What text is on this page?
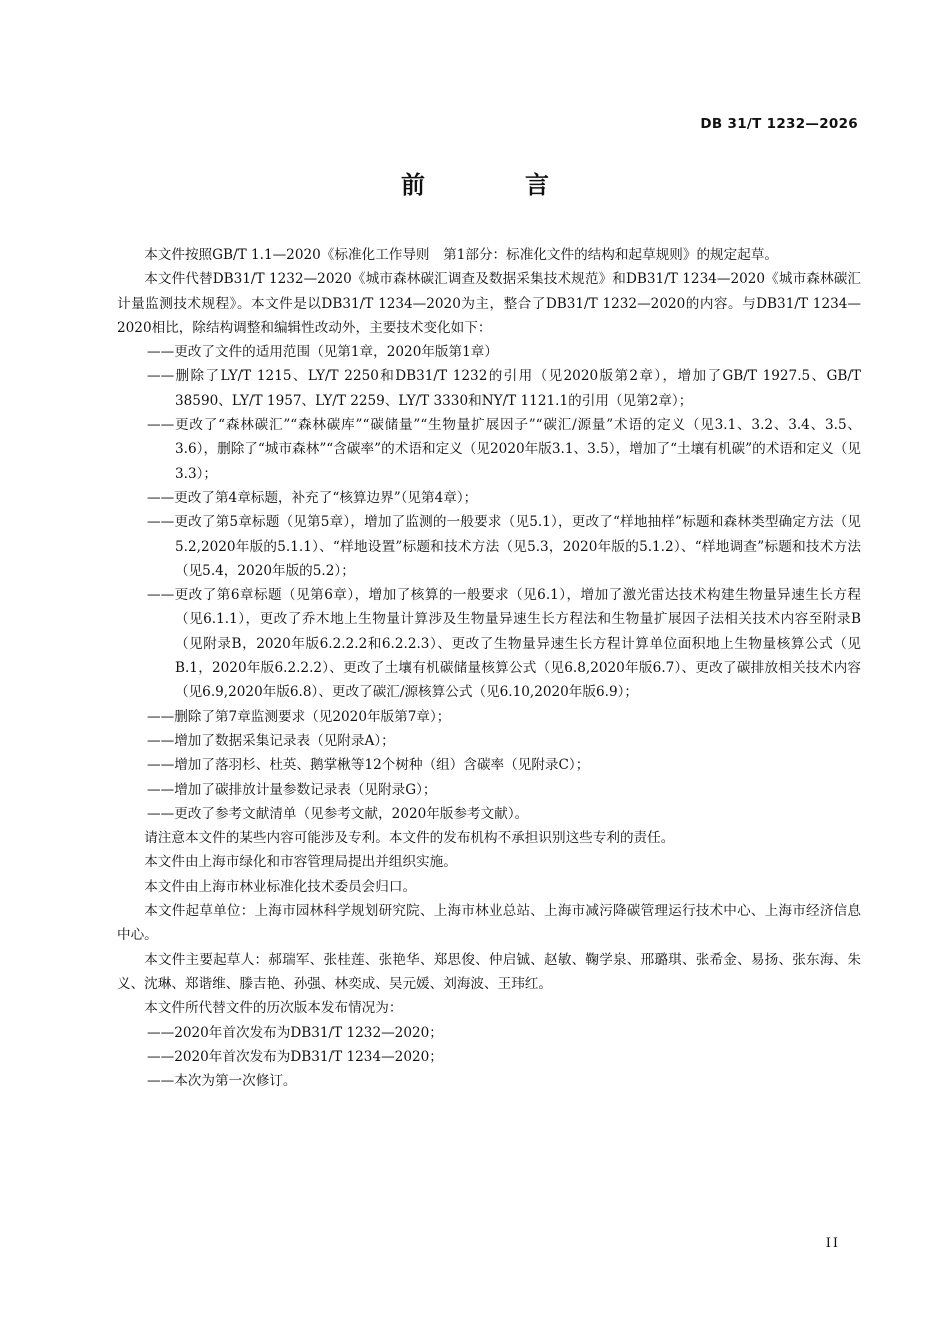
DB 31/T 1232—2026
前　言

本文件按照GB/T 1.1—2020《标准化工作导则　第1部分：标准化文件的结构和起草规则》的规定起草。

本文件代替DB31/T 1232—2020《城市森林碳汇调查及数据采集技术规范》和DB31/T 1234—2020《城市森林碳汇计量监测技术规程》。本文件是以DB31/T 1234—2020为主，整合了DB31/T 1232—2020的内容。与DB31/T 1234—2020相比，除结构调整和编辑性改动外，主要技术变化如下：

——更改了文件的适用范围（见第1章，2020年版第1章）

——删除了LY/T 1215、LY/T 2250和DB31/T 1232的引用（见2020版第2章），增加了GB/T 1927.5、GB/T 38590、LY/T 1957、LY/T 2259、LY/T 3330和NY/T 1121.1的引用（见第2章）；

——更改了“森林碳汇”“森林碳库”“碳储量”“生物量扩展因子”“碳汇/源量”术语的定义（见3.1、3.2、3.4、3.5、3.6），删除了“城市森林”“含碳率”的术语和定义（见2020年版3.1、3.5），增加了“土壤有机碳”的术语和定义（见3.3）；

——更改了第4章标题，补充了“核算边界”（见第4章）；

——更改了第5章标题（见第5章），增加了监测的一般要求（见5.1），更改了“样地抽样”标题和森林类型确定方法（见5.2,2020年版的5.1.1）、“样地设置”标题和技术方法（见5.3，2020年版的5.1.2）、“样地调查”标题和技术方法（见5.4，2020年版的5.2）；

——更改了第6章标题（见第6章），增加了核算的一般要求（见6.1），增加了激光雷达技术构建生物量异速生长方程（见6.1.1），更改了乔木地上生物量计算涉及生物量异速生长方程法和生物量扩展因子法相关技术内容至附录B（见附录B，2020年版6.2.2.2和6.2.2.3）、更改了生物量异速生长方程计算单位面积地上生物量核算公式（见B.1，2020年版6.2.2.2）、更改了土壤有机碳储量核算公式（见6.8,2020年版6.7）、更改了碳排放相关技术内容（见6.9,2020年版6.8）、更改了碳汇/源核算公式（见6.10,2020年版6.9）；

——删除了第7章监测要求（见2020年版第7章）；

——增加了数据采集记录表（见附录A）；

——增加了落羽杉、杜英、鹅掌楸等12个树种（组）含碳率（见附录C）；

——增加了碳排放计量参数记录表（见附录G）；

——更改了参考文献清单（见参考文献，2020年版参考文献）。

请注意本文件的某些内容可能涉及专利。本文件的发布机构不承担识别这些专利的责任。

本文件由上海市绿化和市容管理局提出并组织实施。

本文件由上海市林业标准化技术委员会归口。

本文件起草单位：上海市园林科学规划研究院、上海市林业总站、上海市减污降碳管理运行技术中心、上海市经济信息中心。

本文件主要起草人：郝瑞军、张桂莲、张艳华、郑思俊、仲启铖、赵敏、鞠学泉、邢璐琪、张希金、易扬、张东海、朱义、沈琳、郑谐维、滕吉艳、孙强、林奕成、吴元媛、刘海波、王玮红。

本文件所代替文件的历次版本发布情况为：

——2020年首次发布为DB31/T 1232—2020；

——2020年首次发布为DB31/T 1234—2020；

——本次为第一次修订。

II
